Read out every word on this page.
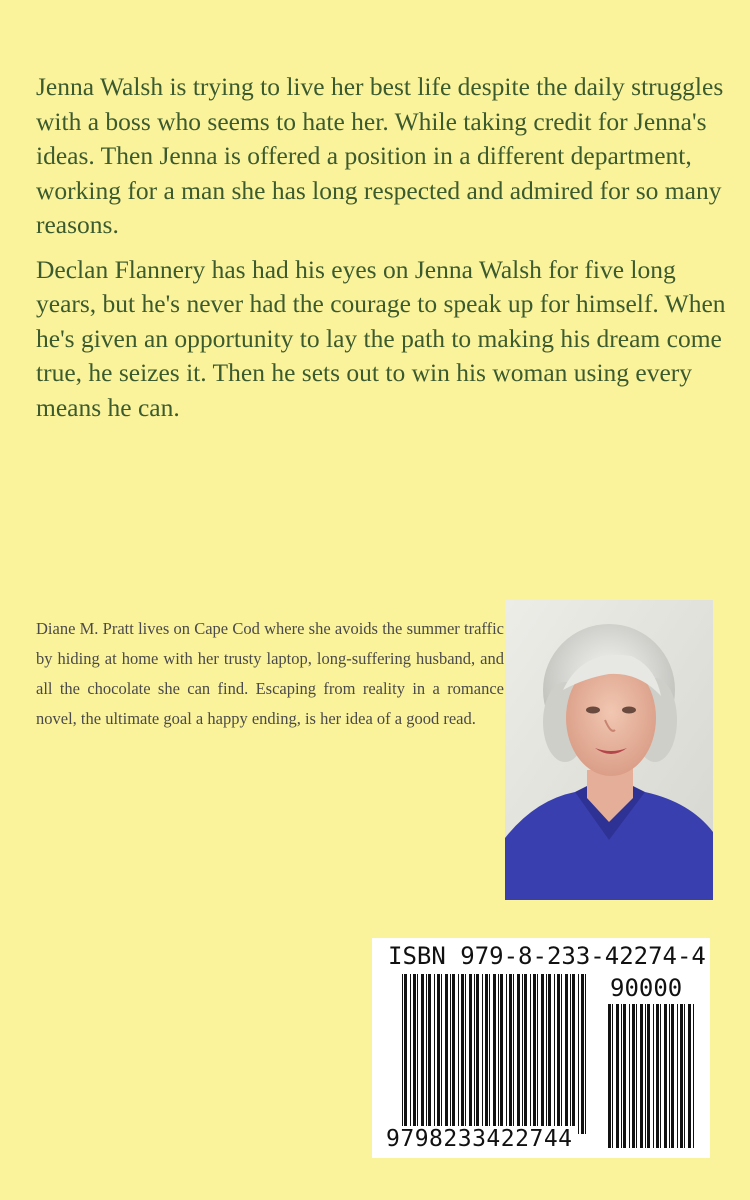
Jenna Walsh is trying to live her best life despite the daily struggles with a boss who seems to hate her. While taking credit for Jenna's ideas. Then Jenna is offered a position in a different department, working for a man she has long respected and admired for so many reasons.

Declan Flannery has had his eyes on Jenna Walsh for five long years, but he's never had the courage to speak up for himself. When he's given an opportunity to lay the path to making his dream come true, he seizes it. Then he sets out to win his woman using every means he can.

Diane M. Pratt lives on Cape Cod where she avoids the summer traffic by hiding at home with her trusty laptop, long-suffering husband, and all the chocolate she can find. Escaping from reality in a romance novel, the ultimate goal a happy ending, is her idea of a good read.
ISBN 979-8-233-42274-4
90000
9798233422744
